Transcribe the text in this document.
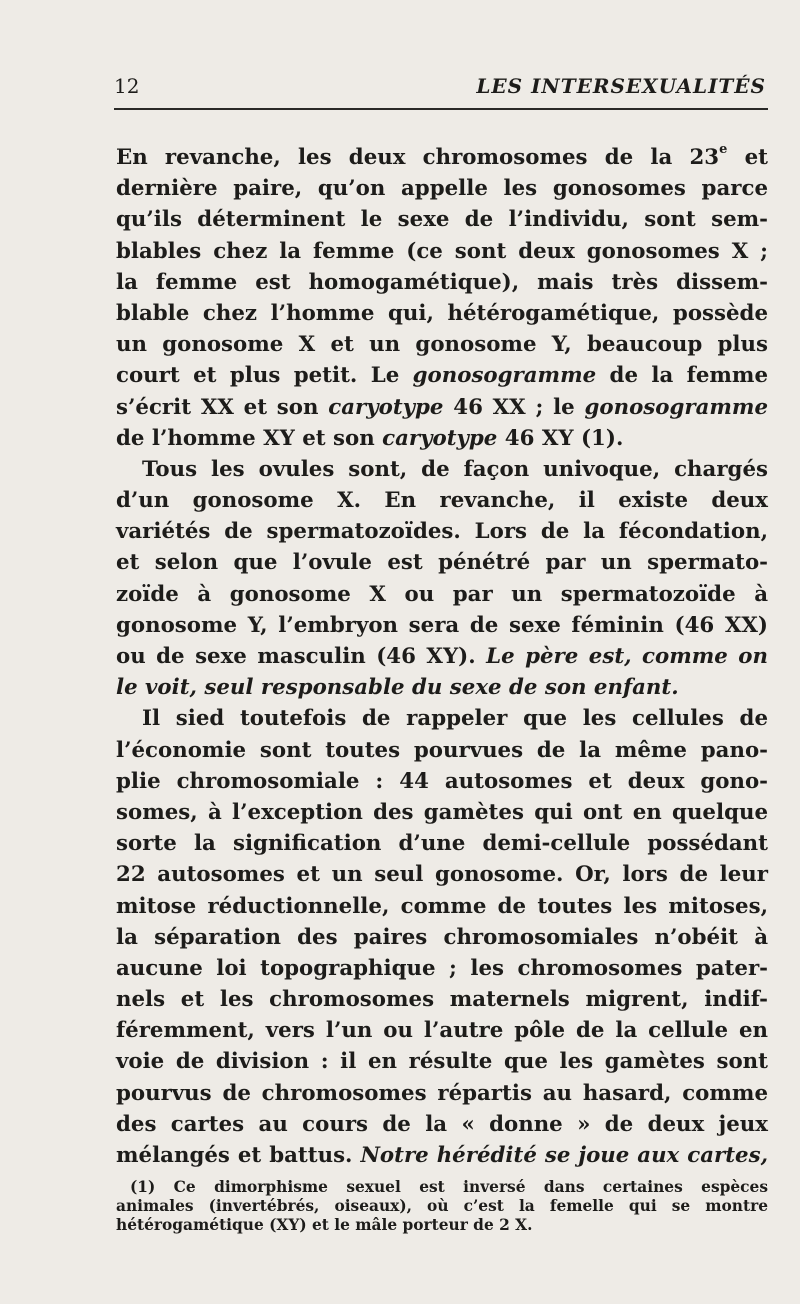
12	LES INTERSEXUALITÉS
En revanche, les deux chromosomes de la 23e et
dernière paire, qu’on appelle les gonosomes parce
qu’ils déterminent le sexe de l’individu, sont sem-
blables chez la femme (ce sont deux gonosomes X ;
la femme est homogamétique), mais très dissem-
blable chez l’homme qui, hétérogamétique, possède
un gonosome X et un gonosome Y, beaucoup plus
court et plus petit. Le gonosogramme de la femme
s’écrit XX et son caryotype 46 XX ; le gonosogramme
de l’homme XY et son caryotype 46 XY (1).
Tous les ovules sont, de façon univoque, chargés
d’un gonosome X. En revanche, il existe deux
variétés de spermatozoïdes. Lors de la fécondation,
et selon que l’ovule est pénétré par un spermato-
zoïde à gonosome X ou par un spermatozoïde à
gonosome Y, l’embryon sera de sexe féminin (46 XX)
ou de sexe masculin (46 XY). Le père est, comme on
le voit, seul responsable du sexe de son enfant.
Il sied toutefois de rappeler que les cellules de
l’économie sont toutes pourvues de la même pano-
plie chromosomiale : 44 autosomes et deux gono-
somes, à l’exception des gamètes qui ont en quelque
sorte la signification d’une demi-cellule possédant
22 autosomes et un seul gonosome. Or, lors de leur
mitose réductionnelle, comme de toutes les mitoses,
la séparation des paires chromosomiales n’obéit à
aucune loi topographique ; les chromosomes pater-
nels et les chromosomes maternels migrent, indif-
féremment, vers l’un ou l’autre pôle de la cellule en
voie de division : il en résulte que les gamètes sont
pourvus de chromosomes répartis au hasard, comme
des cartes au cours de la « donne » de deux jeux
mélangés et battus. Notre hérédité se joue aux cartes,
(1) Ce dimorphisme sexuel est inversé dans certaines espèces
animales (invertébrés, oiseaux), où c’est la femelle qui se montre
hétérogamétique (XY) et le mâle porteur de 2 X.
